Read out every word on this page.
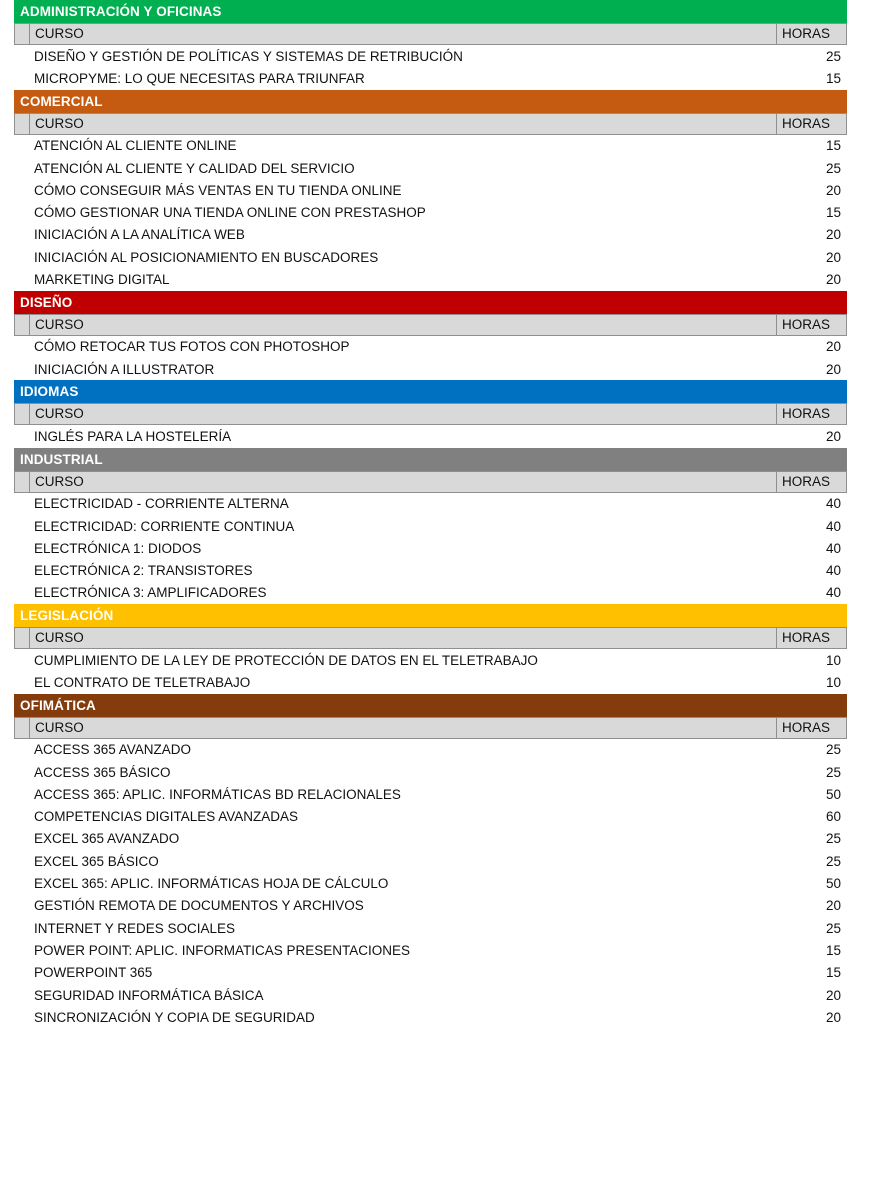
ADMINISTRACIÓN Y OFICINAS
CURSO	HORAS
DISEÑO Y GESTIÓN DE POLÍTICAS Y SISTEMAS DE RETRIBUCIÓN	25
MICROPYME: LO QUE NECESITAS PARA TRIUNFAR	15
COMERCIAL
CURSO	HORAS
ATENCIÓN AL CLIENTE ONLINE	15
ATENCIÓN AL CLIENTE Y CALIDAD DEL SERVICIO	25
CÓMO CONSEGUIR MÁS VENTAS EN TU TIENDA ONLINE	20
CÓMO GESTIONAR UNA TIENDA ONLINE CON PRESTASHOP	15
INICIACIÓN A LA ANALÍTICA WEB	20
INICIACIÓN AL POSICIONAMIENTO EN BUSCADORES	20
MARKETING DIGITAL	20
DISEÑO
CURSO	HORAS
CÓMO RETOCAR TUS FOTOS CON PHOTOSHOP	20
INICIACIÓN A ILLUSTRATOR	20
IDIOMAS
CURSO	HORAS
INGLÉS PARA LA HOSTELERÍA	20
INDUSTRIAL
CURSO	HORAS
ELECTRICIDAD - CORRIENTE ALTERNA	40
ELECTRICIDAD: CORRIENTE CONTINUA	40
ELECTRÓNICA 1: DIODOS	40
ELECTRÓNICA 2: TRANSISTORES	40
ELECTRÓNICA 3: AMPLIFICADORES	40
LEGISLACIÓN
CURSO	HORAS
CUMPLIMIENTO DE LA LEY DE PROTECCIÓN DE DATOS EN EL TELETRABAJO	10
EL CONTRATO DE TELETRABAJO	10
OFIMÁTICA
CURSO	HORAS
ACCESS 365 AVANZADO	25
ACCESS 365 BÁSICO	25
ACCESS 365: APLIC. INFORMÁTICAS BD RELACIONALES	50
COMPETENCIAS DIGITALES AVANZADAS	60
EXCEL 365 AVANZADO	25
EXCEL 365 BÁSICO	25
EXCEL 365: APLIC. INFORMÁTICAS HOJA DE CÁLCULO	50
GESTIÓN REMOTA DE DOCUMENTOS Y ARCHIVOS	20
INTERNET Y REDES SOCIALES	25
POWER POINT: APLIC. INFORMATICAS PRESENTACIONES	15
POWERPOINT 365	15
SEGURIDAD INFORMÁTICA BÁSICA	20
SINCRONIZACIÓN Y COPIA DE SEGURIDAD	20
